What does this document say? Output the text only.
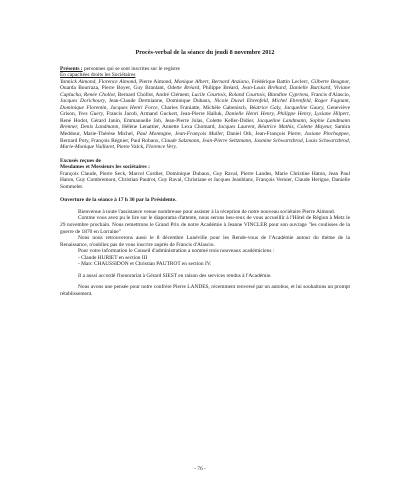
Procès-verbal de la séance du jeudi 8 novembre 2012
Présents : personnes qui se sont inscrites sur le registre
En capacitées droits les Sociétaires
Yannick Aimond, Florence Aimond, Pierre Aimond, Monique Albert, Bernard Anziano, Frédérique Battin Leclerc, Gilberte Beugnot, Ouarda Bourraza, Pierre Boyer, Guy Branlant, Odette Bréard, Philippe Bréard, Jean-Louis Bréhard, Danielle Burckard, Viviane Caplucha, Renée Chollot, Bernard Chollot, André Clément, Lucile Courtois, Roland Courtois, Blandine Cypriens, Francis d'Alascio, Jacques Dorichoury, Jean-Claude Dermianne, Dominique Dubaux, Nicole Duval Ehrenfeld, Michel Ehrenfeld, Roger Fagnant, Dominique Florentin, Jacques Henri Force, Charles Franiatte, Michèle Gabenisch, Béatrice Galy, Jacqueline Gaury, Geneviève Grison, Yves Guery, Francis Jacob, Armand Guckert, Jean-Pierre Halluk, Danielle Henri Henry, Philippe Henry, Lysiane Hilpert, René Hodot, Gérard Janin, Emmanuelle Job, Jean-Pierre Jolas, Colette Keller-Didier, Jacqueline Landmann, Sophie Landmann Brenner, Denis Landmann, Hélène Lenattier, Annette Lexa Chomard, Jacques Laurent, Béatrice Mathis, Colette Mayeur, Samira Meddour, Marie-Thérèse Michel, Paul Montagne, Jean-François Muller, Daniel Oth, Jean-François Pierre, Josiane Pinchoppee, Bernard Poty, François Régnier, Paul Robaux, Claude Salzmann, Jean-Pierre Seltzmann, Jasmine Schwartzbrod, Louis Schwartzbrod, Marie-Monique Vuillaret, Pierre Valck, Florence Very.
Excusés reçues de
Mesdames et Messieurs les sociétaires :
François Claude, Pierre Seck, Marcel Cordier, Dominique Dubaux, Guy Raval, Pierre Landes, Marie Christine Haton, Jean Paul Haton, Guy Combremont, Christian Pautrot, Guy Raval, Christiane et Jacques Jeanblanc, François Vernier, Claude Herigue, Danielle Sommelet.
Ouverture de la séance à 17 h 30 par la Présidente.
Bienvenue à toute l'assistance venue nombreuse pour assister à la réception de notre nouveau sociétaire Pierre Aimond.
Comme vous avez pu le lire sur le diaporama d'attente, nous serons heu-reux de vous accueillir à l'Hôtel de Région à Metz le 29 novembre prochain. Nous remettrons le Grand Prix de notre Académie à Jeanne VINCLER pour son ouvrage "les coulisses de la guerre de 1870 en Lorraine"
Nous nous retrouverons aussi le 8 décembre Lunéville pour les Rende-vous de l'Académie autour du thème de la Renaissance, n'oubliez pas de vous inscrire auprès de Francis d'Alascio.
Pour votre information le Conseil d'administration a nommé trois nouveaux académiciens :
- Claude HURIET en section III
- Marc CHAUSSIDON et Christian PAUTROT en section IV.
Il a aussi accordé l'honorariat à Gérard SIEST en raison des services rendus à l'Académie.
Nous avons une pensée pour notre confrère Pierre LANDES, récemment renversé par un autobus, et lui souhaitons un prompt rétablissement.
- 76 -
